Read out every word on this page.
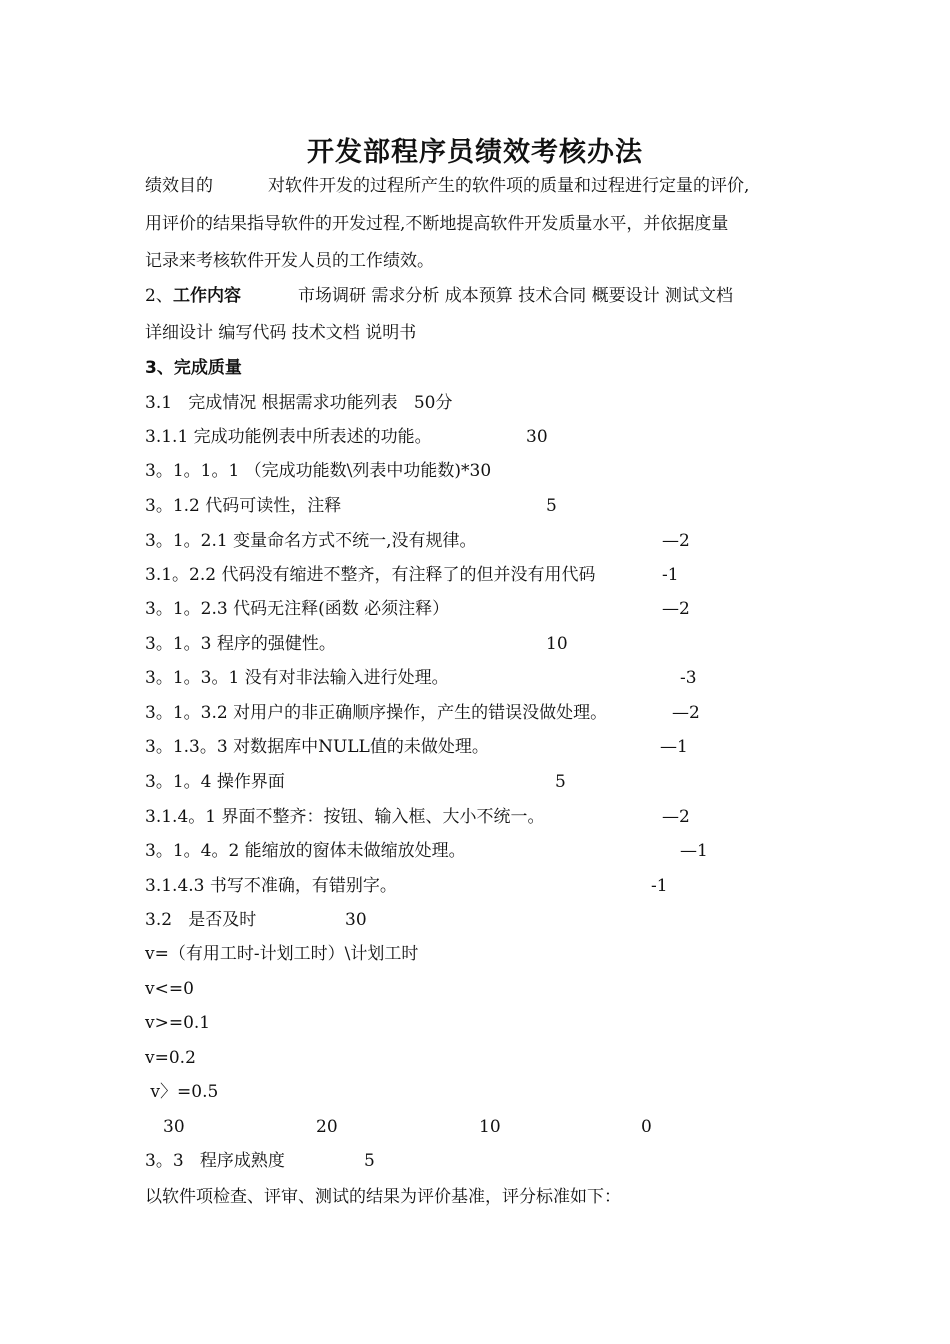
开发部程序员绩效考核办法
绩效目的	对软件开发的过程所产生的软件项的质量和过程进行定量的评价,
用评价的结果指导软件的开发过程,不断地提高软件开发质量水平，并依据度量
记录来考核软件开发人员的工作绩效。
2、 工作内容	市场调研 需求分析 成本预算 技术合同 概要设计 测试文档
详细设计 编写代码 技术文档 说明书
3、完成质量
3.1   完成情况 根据需求功能列表   50分
3.1.1 完成功能例表中所表述的功能。	30
3。1。1。1 （完成功能数\列表中功能数)*30
3。1.2 代码可读性，注释	5
3。1。2.1 变量命名方式不统一,没有规律。	—2
3.1。2.2 代码没有缩进不整齐，有注释了的但并没有用代码	-1
3。1。2.3 代码无注释(函数 必须注释）	—2
3。1。3 程序的强健性。	10
3。1。3。1 没有对非法输入进行处理。	-3
3。1。3.2 对用户的非正确顺序操作，产生的错误没做处理。	—2
3。1.3。3 对数据库中NULL值的未做处理。	—1
3。1。4 操作界面	5
3.1.4。1 界面不整齐：按钮、输入框、大小不统一。	—2
3。1。4。2 能缩放的窗体未做缩放处理。	—1
3.1.4.3 书写不准确，有错别字。	-1
3.2   是否及时	30
v=（有用工时-计划工时）\计划工时
v<=0
v>=0.1
v=0.2
v〉=0.5
30	20	10	0
3。3   程序成熟度	5
以软件项检查、评审、测试的结果为评价基准，评分标准如下：
